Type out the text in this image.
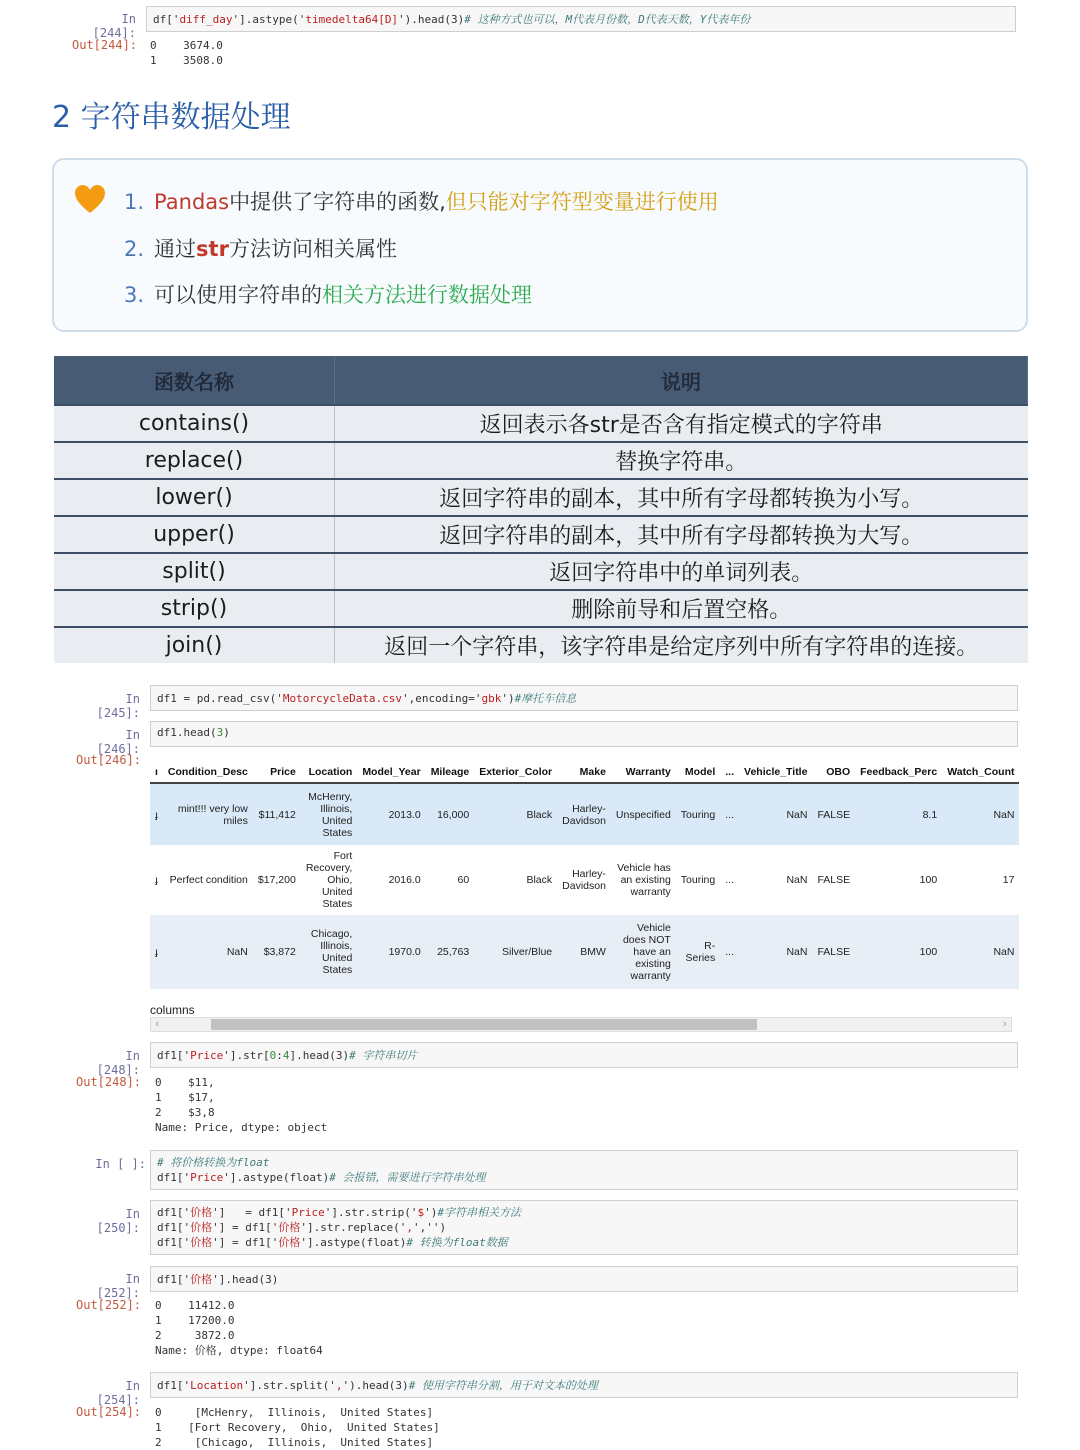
In [244]:
df['diff_day'].astype('timedelta64[D]').head(3)# 这种方式也可以，M代表月份数，D代表天数，Y代表年份
Out[244]: 0    3674.0
1    3508.0
2 字符串数据处理
1. Pandas中提供了字符串的函数,但只能对字符型变量进行使用
2. 通过str方法访问相关属性
3. 可以使用字符串的相关方法进行数据处理
函数名称	说明
contains()	返回表示各str是否含有指定模式的字符串
replace()	替换字符串。
lower()	返回字符串的副本，其中所有字母都转换为小写。
upper()	返回字符串的副本，其中所有字母都转换为大写。
split()	返回字符串中的单词列表。
strip()	删除前导和后置空格。
join()	返回一个字符串，该字符串是给定序列中所有字符串的连接。
In [245]:
df1 = pd.read_csv('MotorcycleData.csv',encoding='gbk')#摩托车信息
In [246]:
df1.head(3)
Out[246]:
ı	Condition_Desc	Price	Location	Model_Year	Mileage	Exterior_Color	Make	Warranty	Model	...	Vehicle_Title	OBO	Feedback_Perc	Watch_Count
ɟ	mint!!! very low miles	$11,412	McHenry, Illinois, United States	2013.0	16,000	Black	Harley-Davidson	Unspecified	Touring	...	NaN	FALSE	8.1	NaN
ɟ	Perfect condition	$17,200	Fort Recovery, Ohio, United States	2016.0	60	Black	Harley-Davidson	Vehicle has an existing warranty	Touring	...	NaN	FALSE	100	17
ɟ	NaN	$3,872	Chicago, Illinois, United States	1970.0	25,763	Silver/Blue	BMW	Vehicle does NOT have an existing warranty	R-Series	...	NaN	FALSE	100	NaN
columns
‹	›
In [248]:
df1['Price'].str[0:4].head(3)# 字符串切片
Out[248]: 0    $11,
1    $17,
2    $3,8
Name: Price, dtype: object
In [ ]:	# 将价格转换为float
df1['Price'].astype(float)# 会报错，需要进行字符串处理
In [250]:
df1['价格']   = df1['Price'].str.strip('$')#字符串相关方法
df1['价格'] = df1['价格'].str.replace(',','')
df1['价格'] = df1['价格'].astype(float)# 转换为float数据
In [252]:
df1['价格'].head(3)
Out[252]: 0    11412.0
1    17200.0
2     3872.0
Name: 价格, dtype: float64
In [254]:
df1['Location'].str.split(',').head(3)# 使用字符串分割，用于对文本的处理
Out[254]: 0     [McHenry,  Illinois,  United States]
1    [Fort Recovery,  Ohio,  United States]
2     [Chicago,  Illinois,  United States]
